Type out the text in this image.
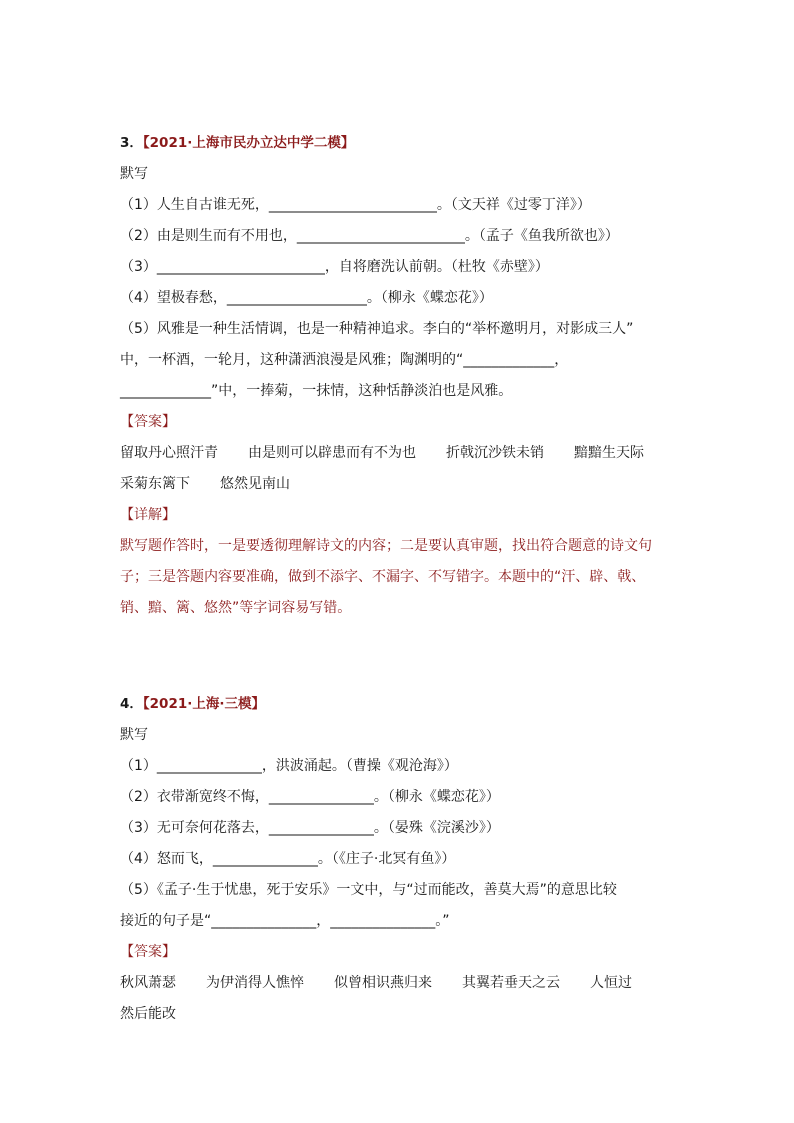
3．【2021·上海市民办立达中学二模】
默写
（1）人生自古谁无死，________________________。（文天祥《过零丁洋》）
（2）由是则生而有不用也，________________________。（孟子《鱼我所欲也》）
（3）________________________，自将磨洗认前朝。（杜牧《赤壁》）
（4）望极春愁，____________________。（柳永《蝶恋花》）
（5）风雅是一种生活情调，也是一种精神追求。李白的“举杯邀明月，对影成三人”
中，一杯酒，一轮月，这种潇洒浪漫是风雅；陶渊明的“_____________，
_____________”中，一捧菊，一抹情，这种恬静淡泊也是风雅。
【答案】
留取丹心照汗青 由是则可以辟患而有不为也 折戟沉沙铁未销 黯黯生天际
采菊东篱下 悠然见南山
【详解】
默写题作答时，一是要透彻理解诗文的内容；二是要认真审题，找出符合题意的诗文句
子；三是答题内容要准确，做到不添字、不漏字、不写错字。本题中的“汗、辟、戟、
销、黯、篱、悠然”等字词容易写错。
4．【2021·上海·三模】
默写
（1）_______________，洪波涌起。（曹操《观沧海》）
（2）衣带渐宽终不悔，_______________。（柳永《蝶恋花》）
（3）无可奈何花落去，_______________。（晏殊《浣溪沙》）
（4）怒而飞，_______________。（《庄子·北冥有鱼》）
（5）《孟子·生于忧患，死于安乐》一文中，与“过而能改，善莫大焉”的意思比较
接近的句子是“_______________，_______________。”
【答案】
秋风萧瑟 为伊消得人憔悴 似曾相识燕归来 其翼若垂天之云 人恒过
然后能改
